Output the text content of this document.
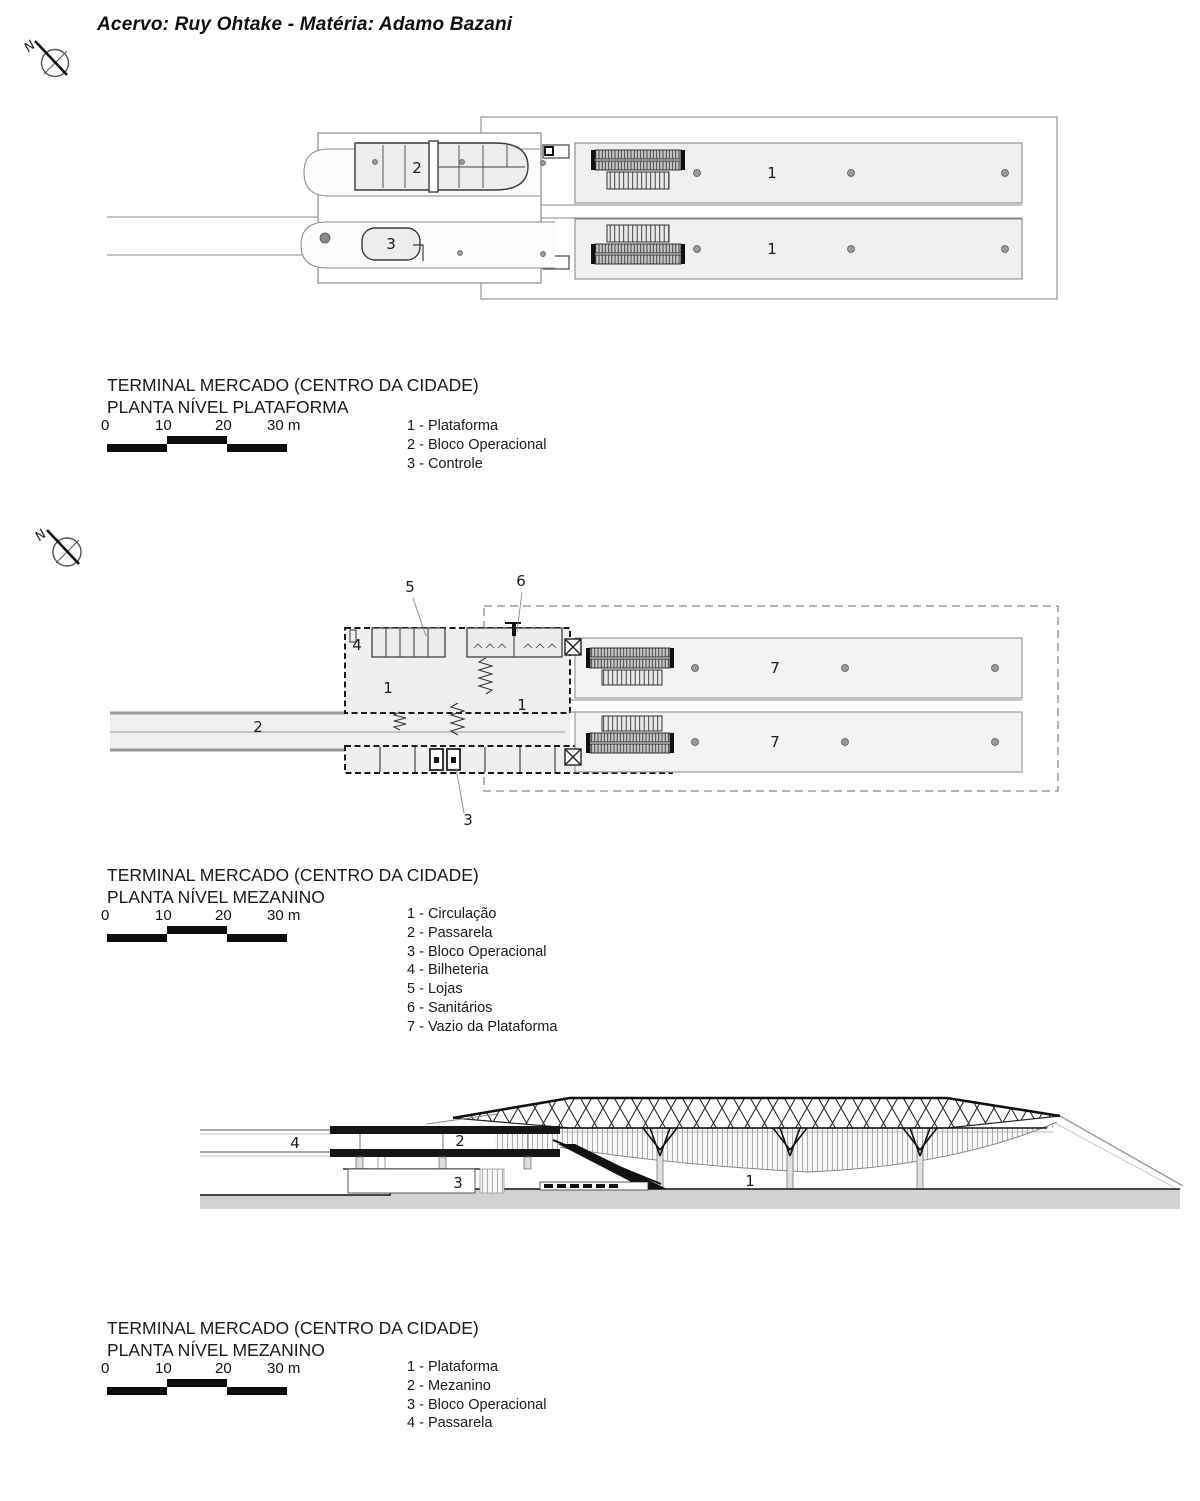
Acervo: Ruy Ohtake - Matéria: Adamo Bazani
N
2
3
1
1
TERMINAL MERCADO (CENTRO DA CIDADE)
PLANTA NÍVEL PLATAFORMA
0	10	20 30 m	1 - Plataforma
2 - Bloco Operacional
3 - Controle
N
5	6
4
1
1
2
3
7
7
TERMINAL MERCADO (CENTRO DA CIDADE)
PLANTA NÍVEL MEZANINO
0	10	20 30 m	1 - Circulação
2 - Passarela
3 - Bloco Operacional
4 - Bilheteria
5 - Lojas
6 - Sanitários
7 - Vazio da Plataforma
4	2
3	1
TERMINAL MERCADO (CENTRO DA CIDADE)
PLANTA NÍVEL MEZANINO
0	10	20 30 m	1 - Plataforma
2 - Mezanino
3 - Bloco Operacional
4 - Passarela
